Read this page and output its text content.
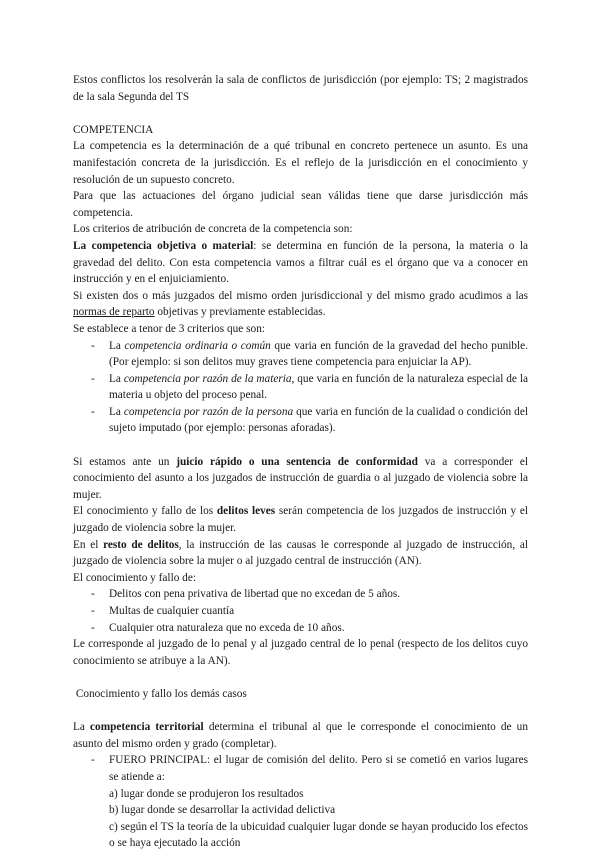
Estos conflictos los resolverán la sala de conflictos de jurisdicción (por ejemplo: TS; 2 magistrados de la sala Segunda del TS

COMPETENCIA

La competencia es la determinación de a qué tribunal en concreto pertenece un asunto. Es una manifestación concreta de la jurisdicción. Es el reflejo de la jurisdicción en el conocimiento y resolución de un supuesto concreto.

Para que las actuaciones del órgano judicial sean válidas tiene que darse jurisdicción más competencia.

Los criterios de atribución de concreta de la competencia son:

La competencia objetiva o material: se determina en función de la persona, la materia o la gravedad del delito. Con esta competencia vamos a filtrar cuál es el órgano que va a conocer en instrucción y en el enjuiciamiento.

Si existen dos o más juzgados del mismo orden jurisdiccional y del mismo grado acudimos a las normas de reparto objetivas y previamente establecidas.

Se establece a tenor de 3 criterios que son:

- La competencia ordinaria o común que varia en función de la gravedad del hecho punible. (Por ejemplo: si son delitos muy graves tiene competencia para enjuiciar la AP).
- La competencia por razón de la materia, que varia en función de la naturaleza especial de la materia u objeto del proceso penal.
- La competencia por razón de la persona que varia en función de la cualidad o condición del sujeto imputado (por ejemplo: personas aforadas).

Si estamos ante un juicio rápido o una sentencia de conformidad va a corresponder el conocimiento del asunto a los juzgados de instrucción de guardia o al juzgado de violencia sobre la mujer.

El conocimiento y fallo de los delitos leves serán competencia de los juzgados de instrucción y el juzgado de violencia sobre la mujer.

En el resto de delitos, la instrucción de las causas le corresponde al juzgado de instrucción, al juzgado de violencia sobre la mujer o al juzgado central de instrucción (AN).

El conocimiento y fallo de:

- Delitos con pena privativa de libertad que no excedan de 5 años.
- Multas de cualquier cuantía
- Cualquier otra naturaleza que no exceda de 10 años.

Le corresponde al juzgado de lo penal y al juzgado central de lo penal (respecto de los delitos cuyo conocimiento se atribuye a la AN).

Conocimiento y fallo los demás casos

La competencia territorial determina el tribunal al que le corresponde el conocimiento de un asunto del mismo orden y grado (completar).

- FUERO PRINCIPAL: el lugar de comisión del delito. Pero si se cometió en varios lugares se atiende a:
a) lugar donde se produjeron los resultados
b) lugar donde se desarrollar la actividad delictiva
c) según el TS la teoría de la ubicuidad cualquier lugar donde se hayan producido los efectos o se haya ejecutado la acción
